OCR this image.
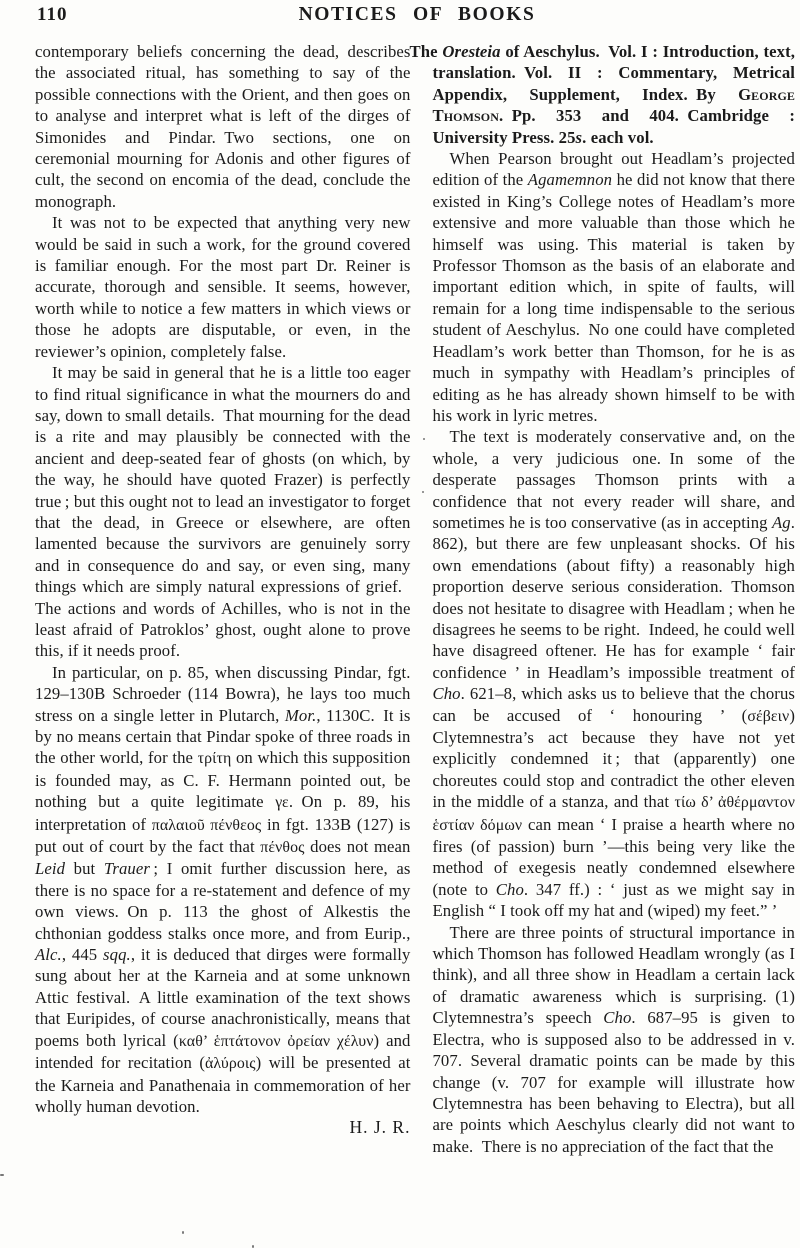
110	NOTICES OF BOOKS

contemporary beliefs concerning the dead, describes the associated ritual, has something to say of the possible connections with the Orient, and then goes on to analyse and interpret what is left of the dirges of Simonides and Pindar. Two sections, one on ceremonial mourning for Adonis and other figures of cult, the second on encomia of the dead, conclude the monograph.

It was not to be expected that anything very new would be said in such a work, for the ground covered is familiar enough. For the most part Dr. Reiner is accurate, thorough and sensible. It seems, however, worth while to notice a few matters in which views or those he adopts are disputable, or even, in the reviewer’s opinion, completely false.

It may be said in general that he is a little too eager to find ritual significance in what the mourners do and say, down to small details. That mourning for the dead is a rite and may plausibly be connected with the ancient and deep-seated fear of ghosts (on which, by the way, he should have quoted Frazer) is perfectly true ; but this ought not to lead an investigator to forget that the dead, in Greece or elsewhere, are often lamented because the survivors are genuinely sorry and in consequence do and say, or even sing, many things which are simply natural expressions of grief. The actions and words of Achilles, who is not in the least afraid of Patroklos’ ghost, ought alone to prove this, if it needs proof.

In particular, on p. 85, when discussing Pindar, fgt. 129–130B Schroeder (114 Bowra), he lays too much stress on a single letter in Plutarch, Mor., 1130C. It is by no means certain that Pindar spoke of three roads in the other world, for the τρίτη on which this supposition is founded may, as C. F. Hermann pointed out, be nothing but a quite legitimate γε. On p. 89, his interpretation of παλαιοῦ πένθεος in fgt. 133B (127) is put out of court by the fact that πένθος does not mean Leid but Trauer ; I omit further discussion here, as there is no space for a re-statement and defence of my own views. On p. 113 the ghost of Alkestis the chthonian goddess stalks once more, and from Eurip., Alc., 445 sqq., it is deduced that dirges were formally sung about her at the Karneia and at some unknown Attic festival. A little examination of the text shows that Euripides, of course anachronistically, means that poems both lyrical (καθ’ ἑπτάτονον ὀρείαν χέλυν) and intended for recitation (ἀλύροις) will be presented at the Karneia and Panathenaia in commemoration of her wholly human devotion.

H. J. R.

The Oresteia of Aeschylus. Vol. I : Introduction, text, translation. Vol. II : Commentary, Metrical Appendix, Supplement, Index. By George Thomson. Pp. 353 and 404. Cambridge : University Press. 25s. each vol.

When Pearson brought out Headlam’s projected edition of the Agamemnon he did not know that there existed in King’s College notes of Headlam’s more extensive and more valuable than those which he himself was using. This material is taken by Professor Thomson as the basis of an elaborate and important edition which, in spite of faults, will remain for a long time indispensable to the serious student of Aeschylus. No one could have completed Headlam’s work better than Thomson, for he is as much in sympathy with Headlam’s principles of editing as he has already shown himself to be with his work in lyric metres.

The text is moderately conservative and, on the whole, a very judicious one. In some of the desperate passages Thomson prints with a confidence that not every reader will share, and sometimes he is too conservative (as in accepting Ag. 862), but there are few unpleasant shocks. Of his own emendations (about fifty) a reasonably high proportion deserve serious consideration. Thomson does not hesitate to disagree with Headlam ; when he disagrees he seems to be right. Indeed, he could well have disagreed oftener. He has for example ‘ fair confidence ’ in Headlam’s impossible treatment of Cho. 621–8, which asks us to believe that the chorus can be accused of ‘ honouring ’ (σέβειν) Clytemnestra’s act because they have not yet explicitly condemned it ; that (apparently) one choreutes could stop and contradict the other eleven in the middle of a stanza, and that τίω δ’ ἀθέρμαντον ἑστίαν δόμων can mean ‘ I praise a hearth where no fires (of passion) burn ’—this being very like the method of exegesis neatly condemned elsewhere (note to Cho. 347 ff.) : ‘ just as we might say in English “ I took off my hat and (wiped) my feet.” ’

There are three points of structural importance in which Thomson has followed Headlam wrongly (as I think), and all three show in Headlam a certain lack of dramatic awareness which is surprising. (1) Clytemnestra’s speech Cho. 687–95 is given to Electra, who is supposed also to be addressed in v. 707. Several dramatic points can be made by this change (v. 707 for example will illustrate how Clytemnestra has been behaving to Electra), but all are points which Aeschylus clearly did not want to make. There is no appreciation of the fact that the
